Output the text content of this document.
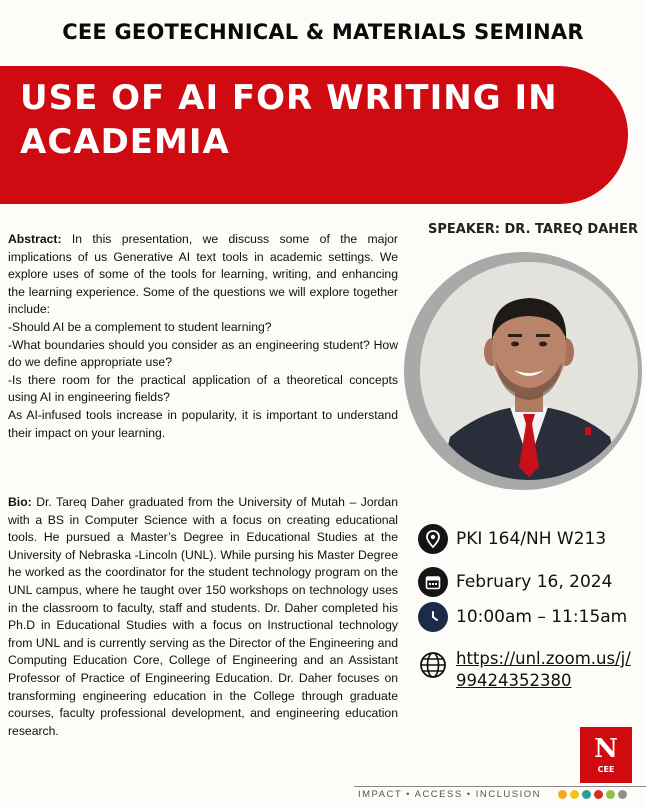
CEE GEOTECHNICAL & MATERIALS SEMINAR
USE OF AI FOR WRITING IN
ACADEMIA
SPEAKER: DR. TAREQ DAHER
Abstract: In this presentation, we discuss some of the major implications of us Generative AI text tools in academic settings. We explore uses of some of the tools for learning, writing, and enhancing the learning experience. Some of the questions we will explore together include:
-Should AI be a complement to student learning?
-What boundaries should you consider as an engineering student? How do we define appropriate use?
-Is there room for the practical application of a theoretical concepts using AI in engineering fields?
As AI-infused tools increase in popularity, it is important to understand their impact on your learning.
Bio: Dr. Tareq Daher graduated from the University of Mutah – Jordan with a BS in Computer Science with a focus on creating educational tools. He pursued a Master’s Degree in Educational Studies at the University of Nebraska -Lincoln (UNL). While pursing his Master Degree he worked as the coordinator for the student technology program on the UNL campus, where he taught over 150 workshops on technology uses in the classroom to faculty, staff and students. Dr. Daher completed his Ph.D in Educational Studies with a focus on Instructional technology from UNL and is currently serving as the Director of the Engineering and Computing Education Core, College of Engineering and an Assistant Professor of Practice of Engineering Education. Dr. Daher focuses on transforming engineering education in the College through graduate courses, faculty professional development, and engineering education research.
PKI 164/NH W213
February 16, 2024
10:00am – 11:15am
https://unl.zoom.us/j/99424352380
N
CEE
IMPACT • ACCESS • INCLUSION
